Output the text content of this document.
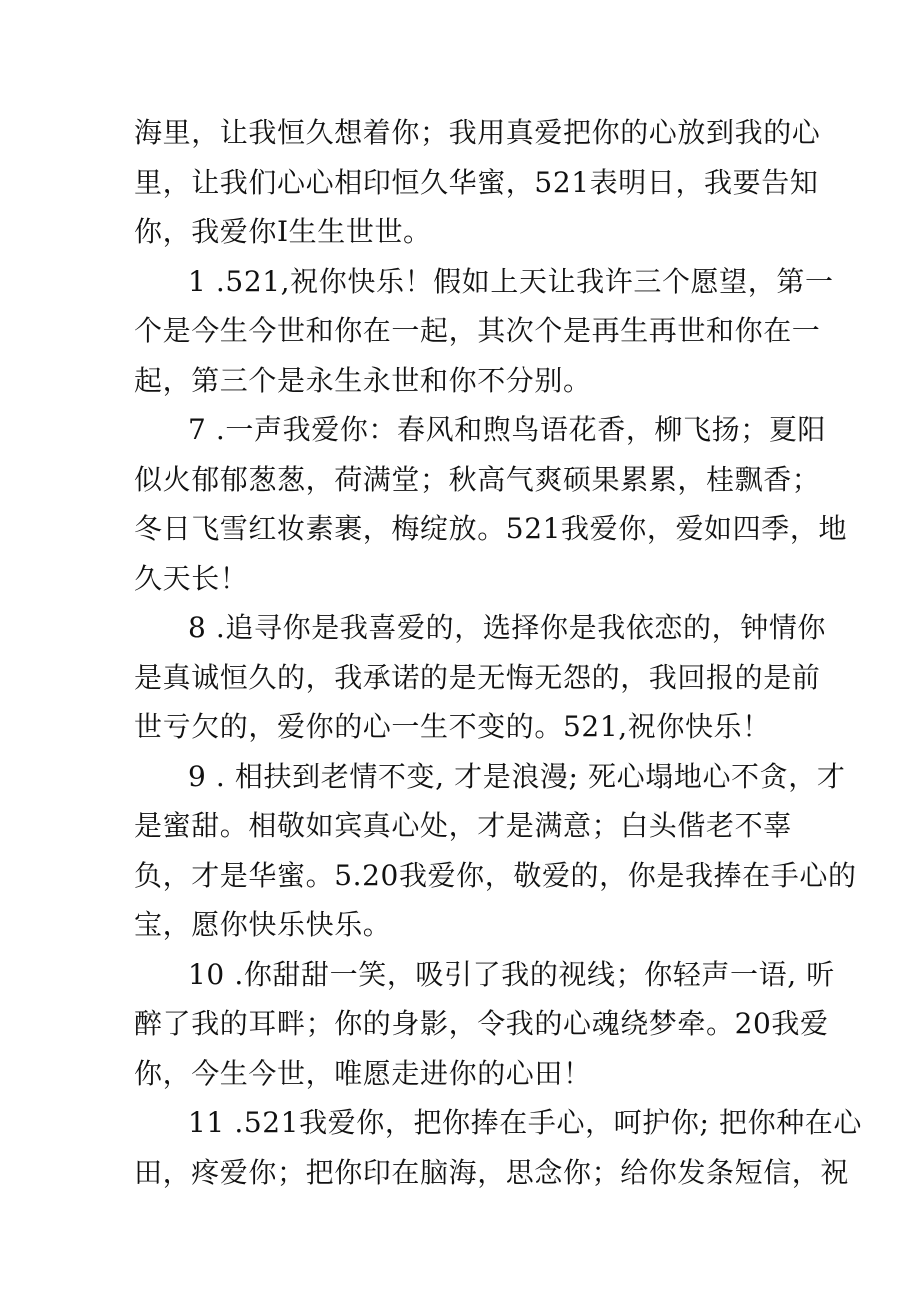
海里，让我恒久想着你；我用真爱把你的心放到我的心
里，让我们心心相印恒久华蜜，521表明日，我要告知
你，我爱你I生生世世。
1 .521,祝你快乐！假如上天让我许三个愿望，第一
个是今生今世和你在一起，其次个是再生再世和你在一
起，第三个是永生永世和你不分别。
7 .一声我爱你：春风和煦鸟语花香，柳飞扬；夏阳
似火郁郁葱葱，荷满堂；秋高气爽硕果累累，桂飘香；
冬日飞雪红妆素裹，梅绽放。521我爱你，爱如四季，地
久天长！
8 .追寻你是我喜爱的，选择你是我依恋的，钟情你
是真诚恒久的，我承诺的是无悔无怨的，我回报的是前
世亏欠的，爱你的心一生不变的。521,祝你快乐！
9 . 相扶到老情不变, 才是浪漫; 死心塌地心不贪，才
是蜜甜。相敬如宾真心处，才是满意；白头偕老不辜
负，才是华蜜。5.20我爱你，敬爱的，你是我捧在手心的
宝，愿你快乐快乐。
10 .你甜甜一笑，吸引了我的视线；你轻声一语, 听
醉了我的耳畔；你的身影，令我的心魂绕梦牵。20我爱
你，今生今世，唯愿走进你的心田！
11 .521我爱你，把你捧在手心，呵护你; 把你种在心
田，疼爱你；把你印在脑海，思念你；给你发条短信，祝
